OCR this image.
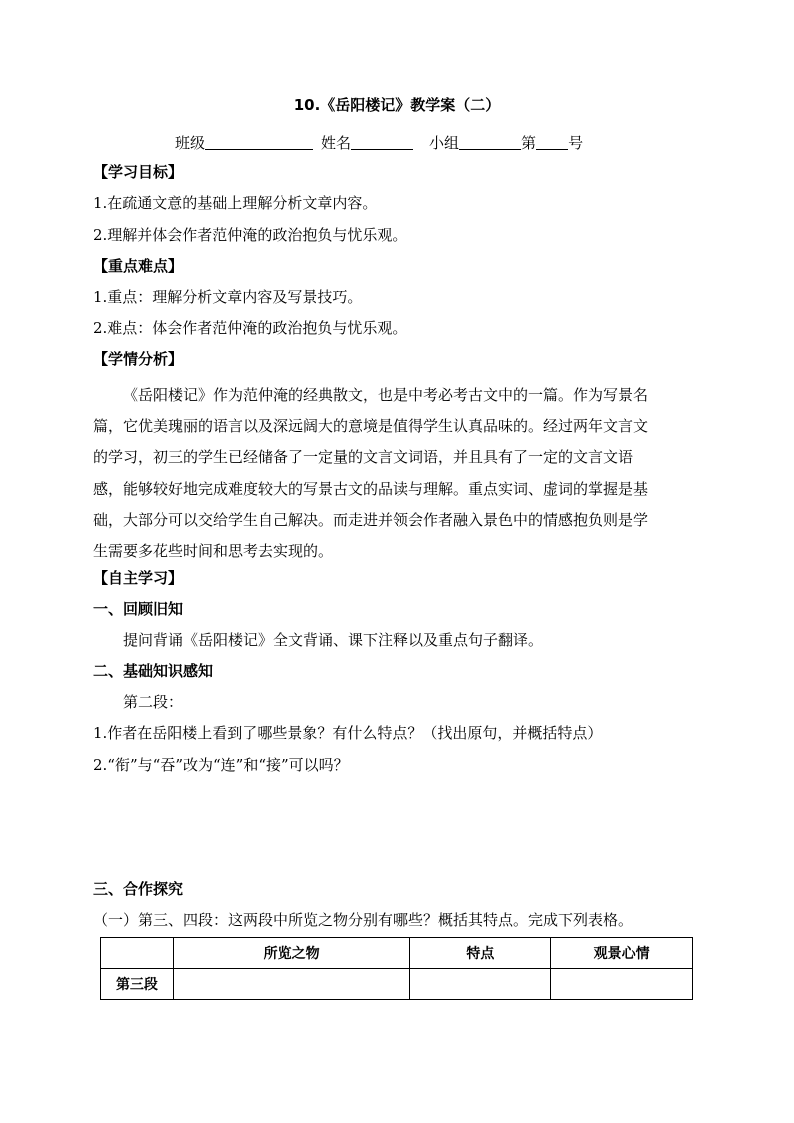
10.《岳阳楼记》教学案（二）
班级	姓名	小组	第 号
【学习目标】
1.在疏通文意的基础上理解分析文章内容。
2.理解并体会作者范仲淹的政治抱负与忧乐观。
【重点难点】
1.重点：理解分析文章内容及写景技巧。
2.难点：体会作者范仲淹的政治抱负与忧乐观。
【学情分析】
《岳阳楼记》作为范仲淹的经典散文，也是中考必考古文中的一篇。作为写景名
篇，它优美瑰丽的语言以及深远阔大的意境是值得学生认真品味的。经过两年文言文
的学习，初三的学生已经储备了一定量的文言文词语，并且具有了一定的文言文语
感，能够较好地完成难度较大的写景古文的品读与理解。重点实词、虚词的掌握是基
础，大部分可以交给学生自己解决。而走进并领会作者融入景色中的情感抱负则是学
生需要多花些时间和思考去实现的。
【自主学习】
一、回顾旧知
提问背诵《岳阳楼记》全文背诵、课下注释以及重点句子翻译。
二、基础知识感知
第二段：
1.作者在岳阳楼上看到了哪些景象？有什么特点？（找出原句，并概括特点）
2.“衔”与“吞”改为“连”和“接”可以吗？
三、合作探究
（一）第三、四段：这两段中所览之物分别有哪些？概括其特点。完成下列表格。
	所览之物	特点	观景心情
第三段			
